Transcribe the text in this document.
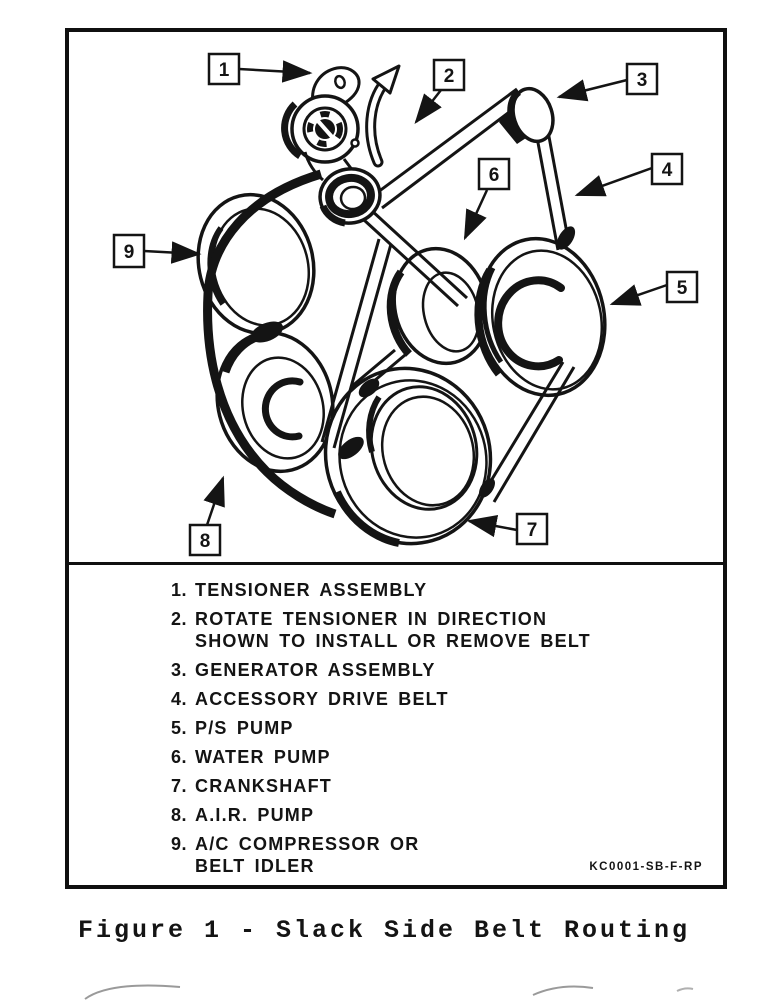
1	2	3
4
5
6
7
8
9
1. TENSIONER ASSEMBLY
2. ROTATE TENSIONER IN DIRECTION
SHOWN TO INSTALL OR REMOVE BELT
3. GENERATOR ASSEMBLY
4. ACCESSORY DRIVE BELT
5. P/S PUMP
6. WATER PUMP
7. CRANKSHAFT
8. A.I.R. PUMP
9. A/C COMPRESSOR OR
BELT IDLER	KC0001-SB-F-RP
Figure 1 - Slack Side Belt Routing
